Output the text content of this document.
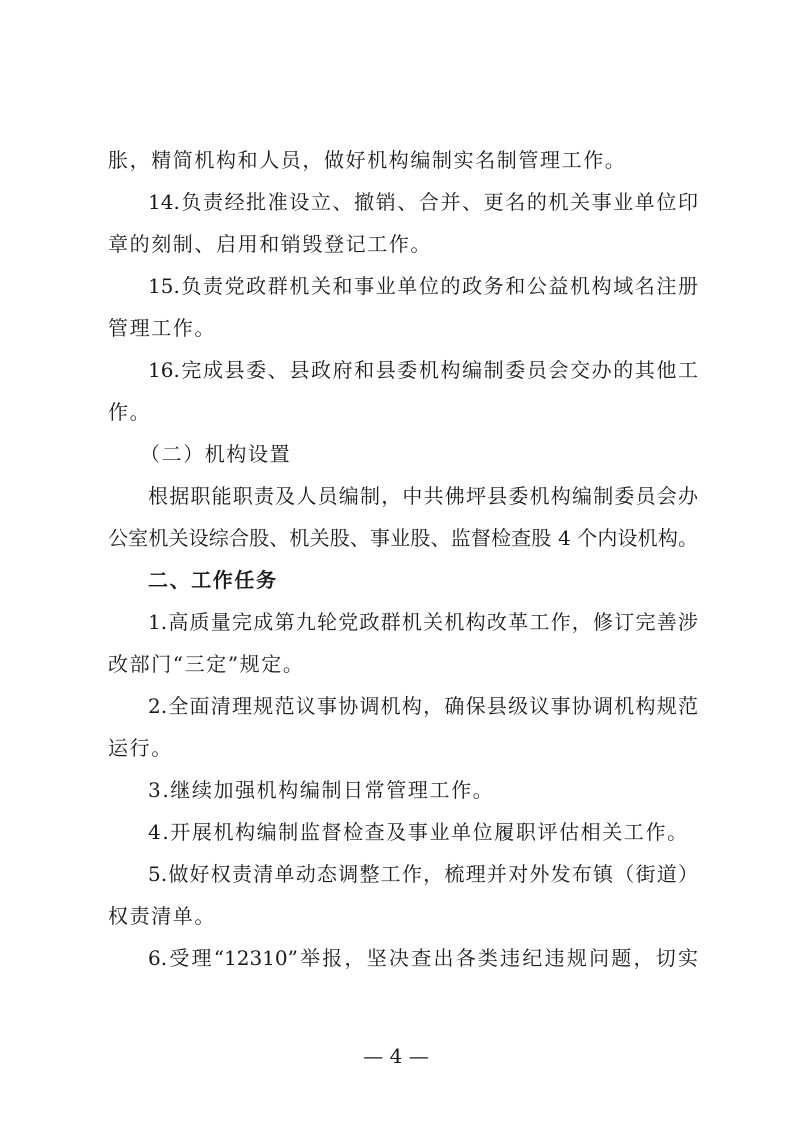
胀，精简机构和人员，做好机构编制实名制管理工作。
14.负责经批准设立、撤销、合并、更名的机关事业单位印
章的刻制、启用和销毁登记工作。
15.负责党政群机关和事业单位的政务和公益机构域名注册
管理工作。
16.完成县委、县政府和县委机构编制委员会交办的其他工
作。
（二）机构设置
根据职能职责及人员编制，中共佛坪县委机构编制委员会办
公室机关设综合股、机关股、事业股、监督检查股 4 个内设机构。
二、工作任务
1.高质量完成第九轮党政群机关机构改革工作，修订完善涉
改部门“三定”规定。
2.全面清理规范议事协调机构，确保县级议事协调机构规范
运行。
3.继续加强机构编制日常管理工作。
4.开展机构编制监督检查及事业单位履职评估相关工作。
5.做好权责清单动态调整工作，梳理并对外发布镇（街道）
权责清单。
6.受理“12310”举报，坚决查出各类违纪违规问题，切实
— 4 —
